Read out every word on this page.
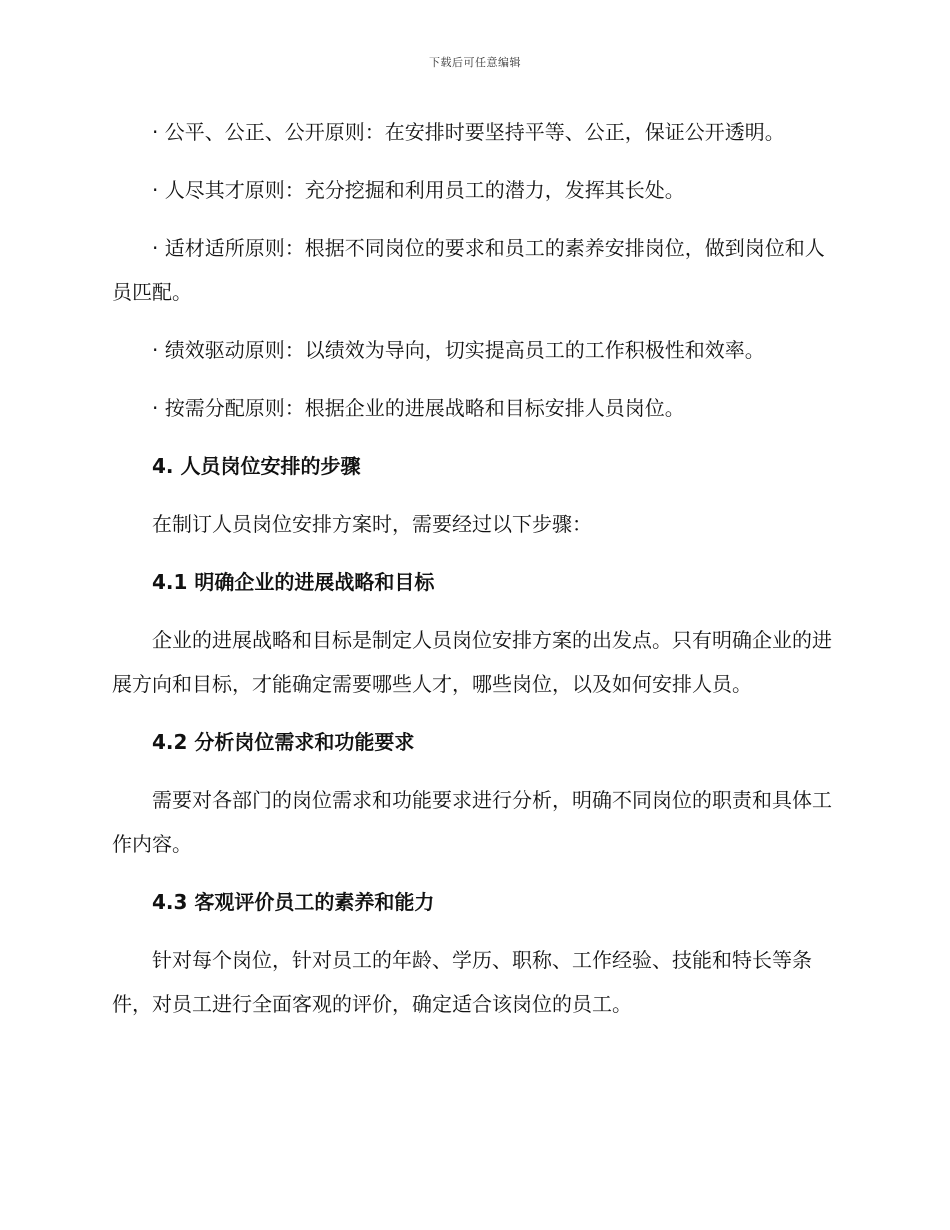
下载后可任意编辑

· 公平、公正、公开原则：在安排时要坚持平等、公正，保证公开透明。

· 人尽其才原则：充分挖掘和利用员工的潜力，发挥其长处。

· 适材适所原则：根据不同岗位的要求和员工的素养安排岗位，做到岗位和人员匹配。

· 绩效驱动原则：以绩效为导向，切实提高员工的工作积极性和效率。

· 按需分配原则：根据企业的进展战略和目标安排人员岗位。

4. 人员岗位安排的步骤

在制订人员岗位安排方案时，需要经过以下步骤：

4.1 明确企业的进展战略和目标

企业的进展战略和目标是制定人员岗位安排方案的出发点。只有明确企业的进展方向和目标，才能确定需要哪些人才，哪些岗位，以及如何安排人员。

4.2 分析岗位需求和功能要求

需要对各部门的岗位需求和功能要求进行分析，明确不同岗位的职责和具体工作内容。

4.3 客观评价员工的素养和能力

针对每个岗位，针对员工的年龄、学历、职称、工作经验、技能和特长等条件，对员工进行全面客观的评价，确定适合该岗位的员工。
